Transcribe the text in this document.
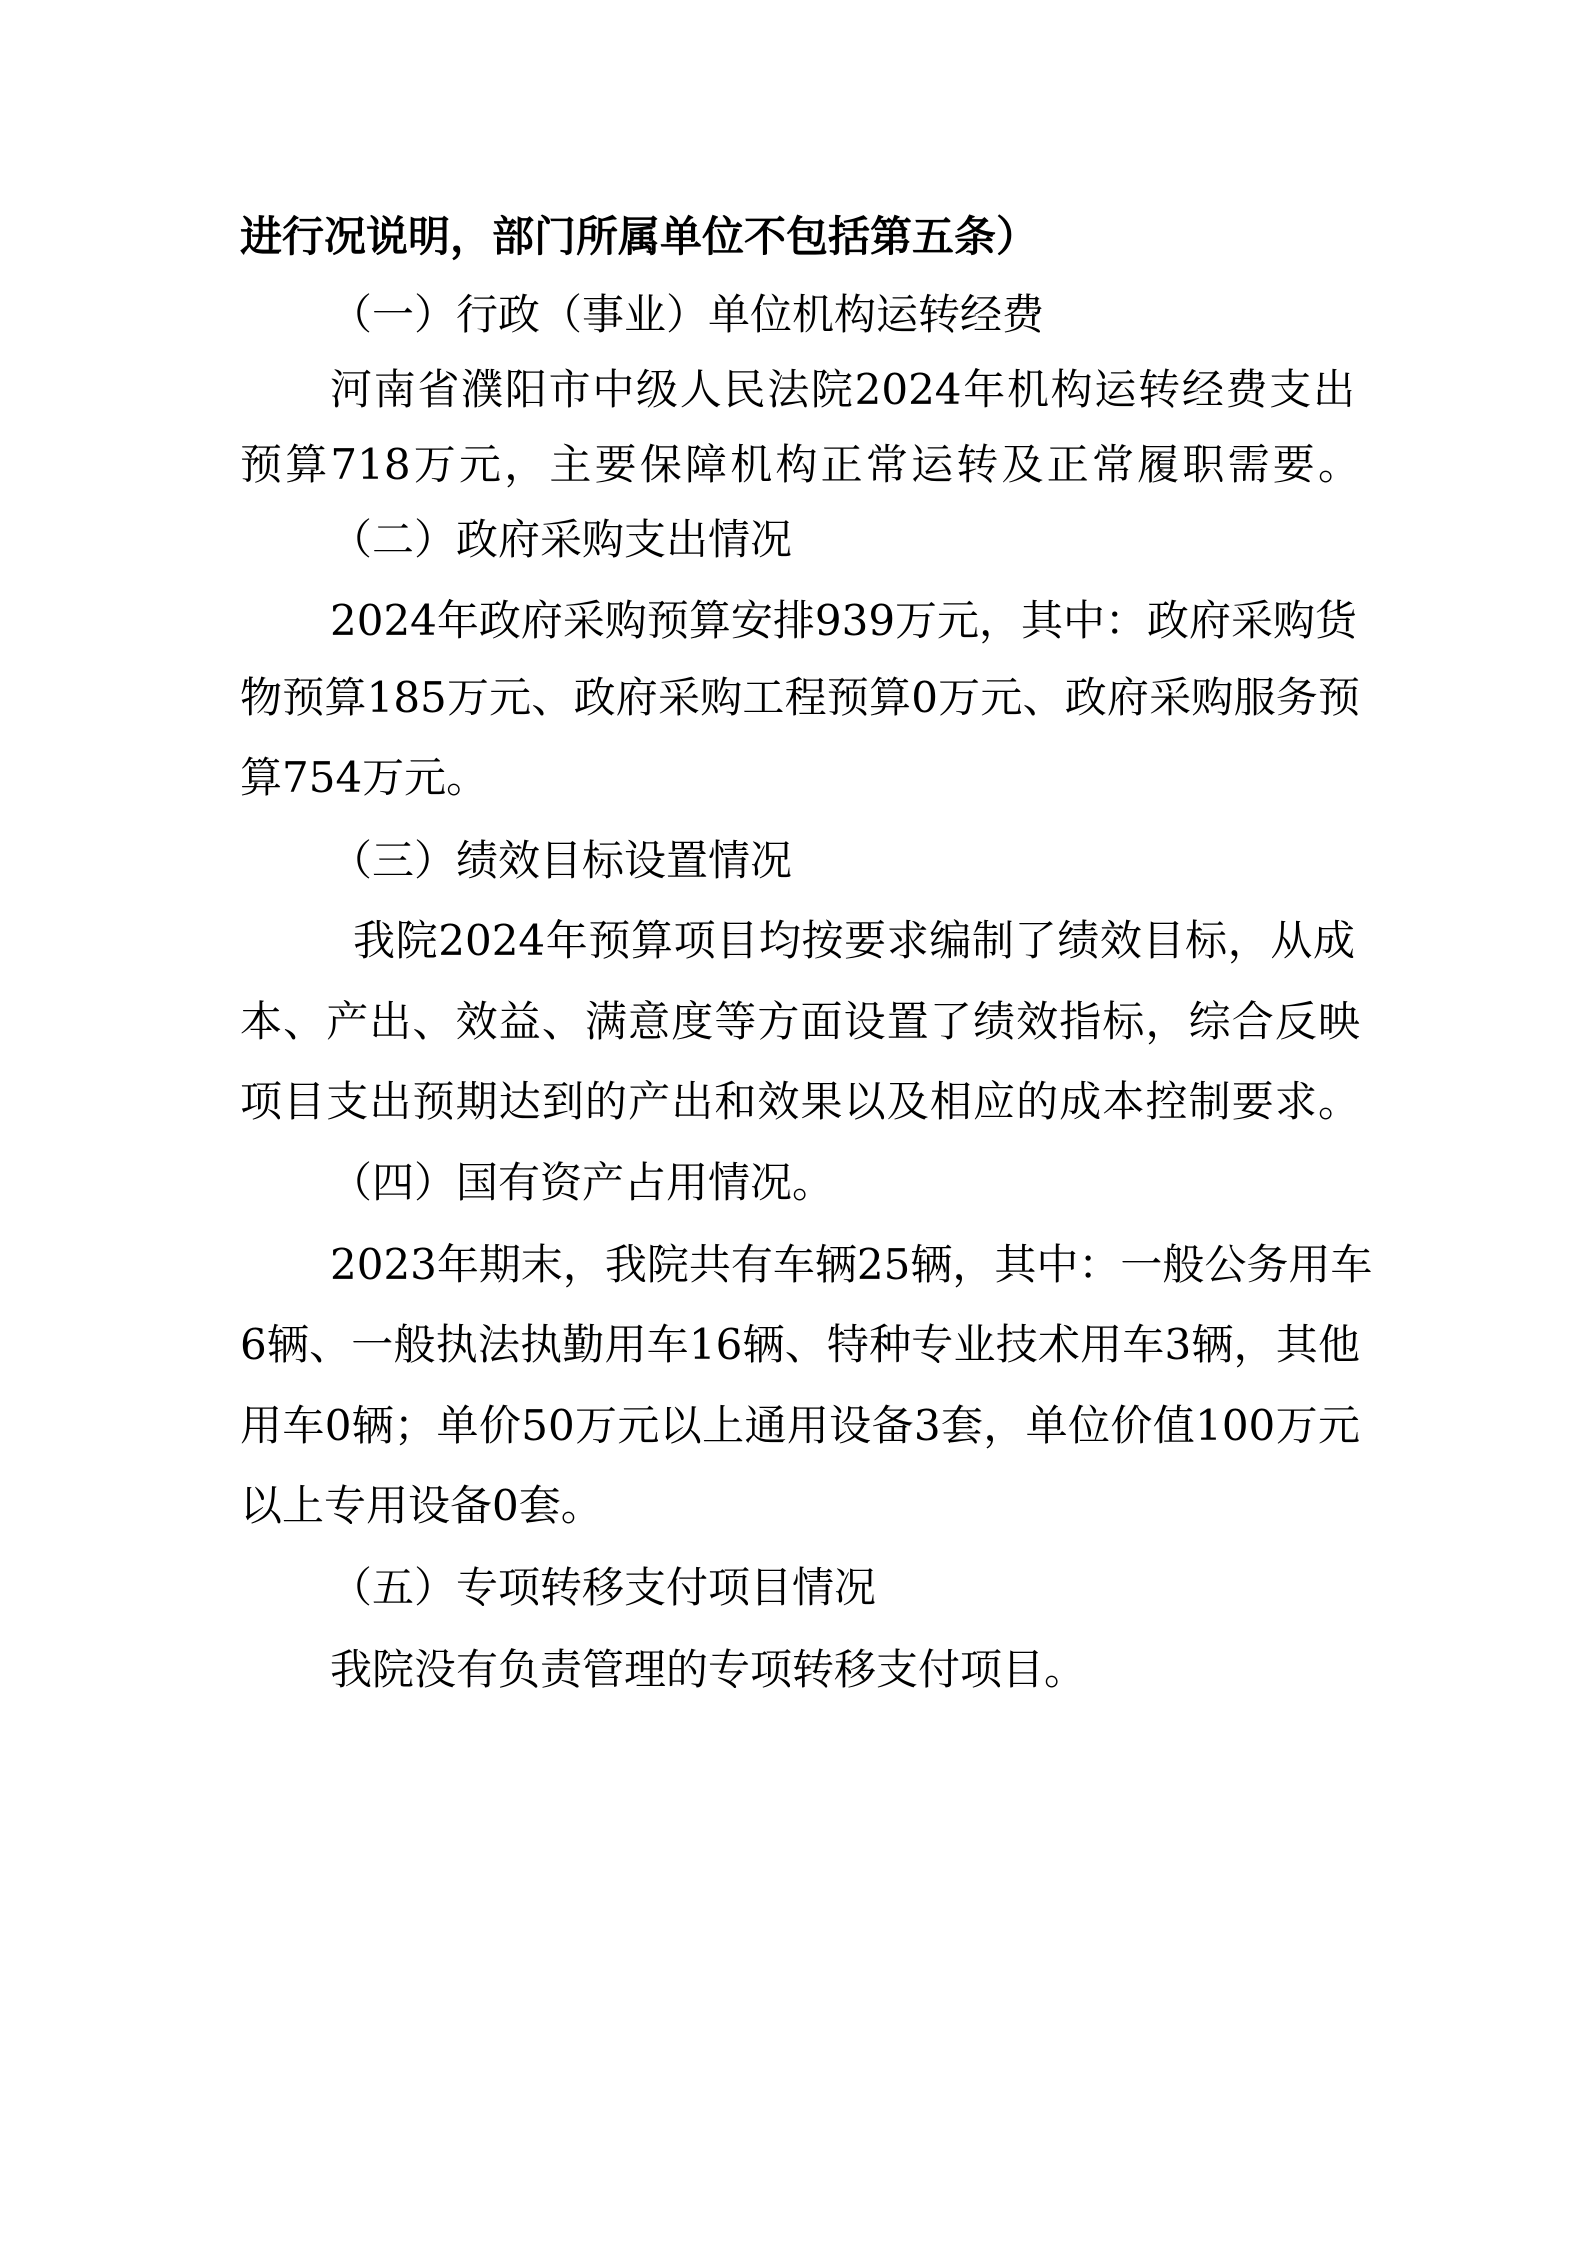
进行况说明，部门所属单位不包括第五条）
（一）行政（事业）单位机构运转经费
河南省濮阳市中级人民法院2024年机构运转经费支出
预算718万元，主要保障机构正常运转及正常履职需要。
（二）政府采购支出情况
2024年政府采购预算安排939万元，其中：政府采购货
物预算185万元、政府采购工程预算0万元、政府采购服务预
算754万元。
（三）绩效目标设置情况
我院2024年预算项目均按要求编制了绩效目标，从成
本、产出、效益、满意度等方面设置了绩效指标，综合反映
项目支出预期达到的产出和效果以及相应的成本控制要求。
（四）国有资产占用情况。
2023年期末，我院共有车辆25辆，其中：一般公务用车
6辆、一般执法执勤用车16辆、特种专业技术用车3辆，其他
用车0辆；单价50万元以上通用设备3套，单位价值100万元
以上专用设备0套。
（五）专项转移支付项目情况
我院没有负责管理的专项转移支付项目。
